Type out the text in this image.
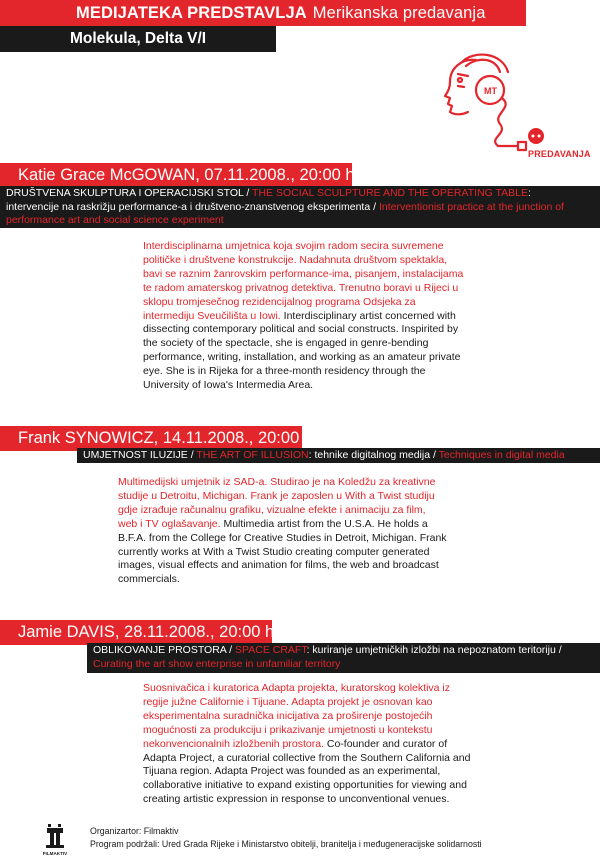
MEDIJATEKA PREDSTAVLJA Merikanska predavanja
Molekula, Delta V/I
MT
PREDAVANJA
Katie Grace McGOWAN, 07.11.2008., 20:00 h
DRUŠTVENA SKULPTURA I OPERACIJSKI STOL / THE SOCIAL SCULPTURE AND THE OPERATING TABLE:
intervencije na raskrižju performance-a i društveno-znanstvenog eksperimenta / Interventionist practice at the junction of
performance art and social science experiment
Interdisciplinarna umjetnica koja svojim radom secira suvremene
političke i društvene konstrukcije. Nadahnuta društvom spektakla,
bavi se raznim žanrovskim performance-ima, pisanjem, instalacijama
te radom amaterskog privatnog detektiva. Trenutno boravi u Rijeci u
sklopu tromjesečnog rezidencijalnog programa Odsjeka za
intermediju Sveučilišta u Iowi. Interdisciplinary artist concerned with
dissecting contemporary political and social constructs. Inspirited by
the society of the spectacle, she is engaged in genre-bending
performance, writing, installation, and working as an amateur private
eye. She is in Rijeka for a three-month residency through the
University of Iowa's Intermedia Area.
Frank SYNOWICZ, 14.11.2008., 20:00 h
UMJETNOST ILUZIJE / THE ART OF ILLUSION: tehnike digitalnog medija / Techniques in digital media
Multimedijski umjetnik iz SAD-a. Studirao je na Koledžu za kreativne
studije u Detroitu, Michigan. Frank je zaposlen u With a Twist studiju
gdje izrađuje računalnu grafiku, vizualne efekte i animaciju za film,
web i TV oglašavanje. Multimedia artist from the U.S.A. He holds a
B.F.A. from the College for Creative Studies in Detroit, Michigan. Frank
currently works at With a Twist Studio creating computer generated
images, visual effects and animation for films, the web and broadcast
commercials.
Jamie DAVIS, 28.11.2008., 20:00 h
OBLIKOVANJE PROSTORA / SPACE CRAFT: kuriranje umjetničkih izložbi na nepoznatom teritoriju /
Curating the art show enterprise in unfamiliar territory
Suosnivačica i kuratorica Adapta projekta, kuratorskog kolektiva iz
regije južne Californie i Tijuane. Adapta projekt je osnovan kao
eksperimentalna suradnička inicijativa za proširenje postojećih
mogućnosti za produkciju i prikazivanje umjetnosti u kontekstu
nekonvencionalnih izložbenih prostora. Co-founder and curator of
Adapta Project, a curatorial collective from the Southern California and
Tijuana region. Adapta Project was founded as an experimental,
collaborative initiative to expand existing opportunities for viewing and
creating artistic expression in response to unconventional venues.
FILMAKTIV
Organizartor: Filmaktiv
Program podržali: Ured Grada Rijeke i Ministarstvo obitelji, branitelja i međugeneracijske solidarnosti
